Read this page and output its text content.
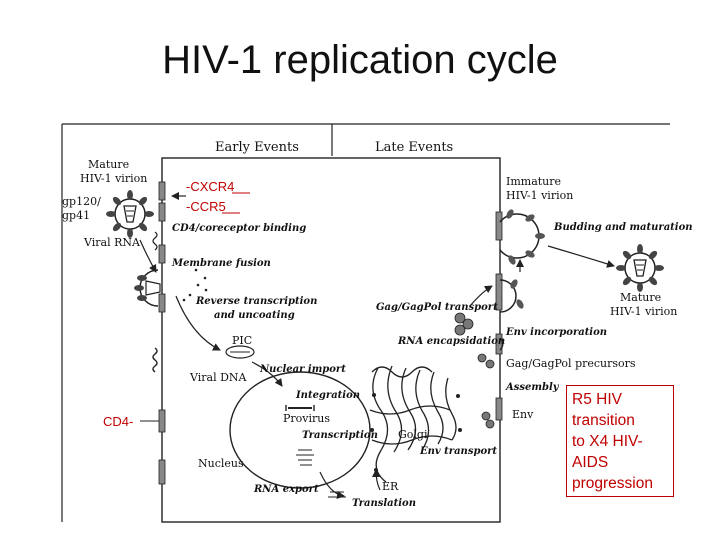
HIV-1 replication cycle
Early Events	Late Events
Mature
HIV-1 virion
gp120/
gp41
Viral RNA
CD4/coreceptor binding
Membrane fusion
Reverse transcription
and uncoating
PIC
Viral DNA
Nuclear import
Integration
Provirus
Transcription
Nucleus
RNA export
Golgi
ER
Translation
Env transport
Immature
HIV-1 virion
Budding and maturation
Mature
HIV-1 virion
Gag/GagPol transport
Env incorporation
RNA encapsidation
Gag/GagPol precursors
Assembly
Env
-CXCR4
-CCR5
CD4-
R5 HIV
transition
to X4 HIV-
AIDS
progression
